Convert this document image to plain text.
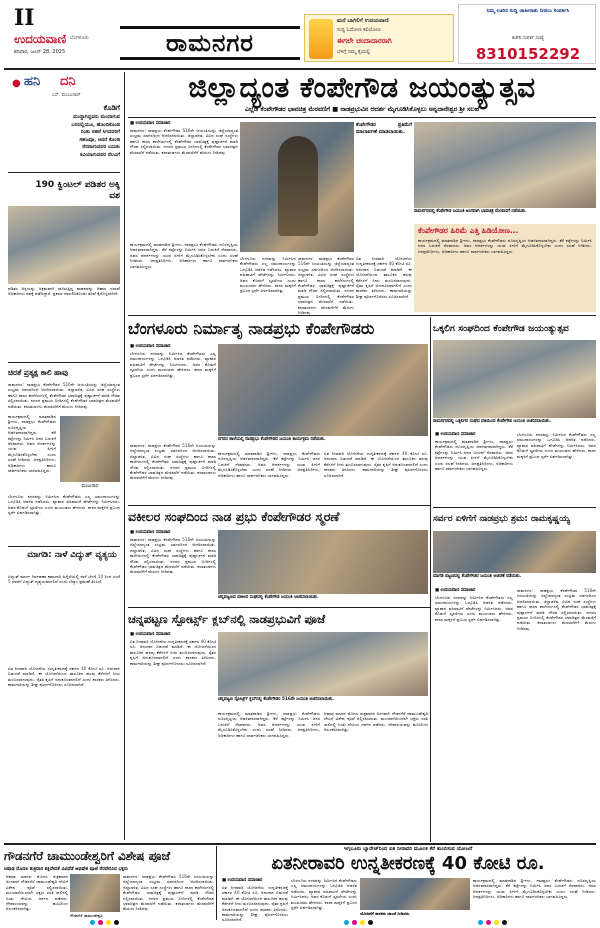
II
ಉದಯವಾಣಿ ಬೆಂಗಳೂರು
ಶನಿವಾರ, ಜೂನ್ 28, 2025	ರಾಮನಗರ
ಮನೆ ಬಾಗಿಲಿಗೆ ಉದಯವಾಣಿ
ಸುದ್ದಿ ಓದೋಣ ಕಲಿಯೋಣ
ಈಗಲೇ ಚಂದಾದಾರರಾಗಿ
ಬೆಳಿಗ್ಗೆ ನಿಮ್ಮ ಕೈಯಲ್ಲಿ
ನಿಮ್ಮ ಊರಿನ ಸುದ್ದಿ ಜಾಹೀರಾತು ನೀಡಲು ಸಂಪರ್ಕಿಸಿ
ಕಚೇರಿ ಸಂಪರ್ಕ ಸಂಖ್ಯೆ
8310152292
● ಹನಿ ದನಿ
ಎಸ್. ಮಂಜುನಾಥ್
ಕೊಡಿಗೆ
ಮುದ್ದಾಗಿದ್ದವರು ಮಂದಾಗುವ
ಬರದಲ್ಲಿಯೂ, ಹೊಂದಿಕೊಂಡ
ನಿಂತು ಸಹನೆ ಸಿಗದವರಿಗೆ
ಸಹಜವೂ, ಆದರೆ ಕೊಂಡಿ
ನೆರವಾಗುವವರ ಬದುಕು
ಕವಿಯಾಗುವವರ ನೆಲವಿಗೆ
190 ಕ್ವಿಂಟಲ್ ಪಡಿತರ ಅಕ್ಕಿ ವಶ
ಪಡಿತರ ಅಕ್ಕಿಯನ್ನು ಅಕ್ರಮವಾಗಿ ಸಾಗಿಸುತ್ತಿದ್ದ ವಾಹನವನ್ನು ಆಹಾರ ಇಲಾಖೆ ಅಧಿಕಾರಿಗಳು ವಶಕ್ಕೆ ಪಡೆದಿದ್ದಾರೆ. ಪ್ರಕರಣ ದಾಖಲಿಸಿಕೊಂಡು ತನಿಖೆ ಕೈಗೊಳ್ಳಲಾಗಿದೆ.
ಚಿರತೆ ಪ್ರತ್ಯಕ್ಷ ಕಾಲಿ ಹಾವು
ರಾಮನಗರ: ನಾಡಪ್ರಭು ಕೆಂಪೇಗೌಡರ 516ನೇ ಜಯಂತಿಯನ್ನು ಜಿಲ್ಲೆಯಾದ್ಯಂತ ಸಂಭ್ರಮ ಸಡಗರದಿಂದ ಆಚರಿಸಲಾಯಿತು. ಜಿಲ್ಲಾಡಳಿತ, ವಿವಿಧ ಸಂಘ ಸಂಸ್ಥೆಗಳು ಹಾಗೂ ಶಾಲಾ ಕಾಲೇಜುಗಳಲ್ಲಿ ಕೆಂಪೇಗೌಡರ ಭಾವಚಿತ್ರಕ್ಕೆ ಪುಷ್ಪಾರ್ಚನೆ ಮಾಡಿ ಗೌರವ ಸಲ್ಲಿಸಲಾಯಿತು. ನಗರದ ಪ್ರಮುಖ ಬೀದಿಗಳಲ್ಲಿ ಕೆಂಪೇಗೌಡರ ಭಾವಚಿತ್ರದ ಮೆರವಣಿಗೆ ನಡೆಯಿತು. ಕಲಾತಂಡಗಳು ಮೆರವಣಿಗೆಗೆ ಮೆರುಗು ನೀಡಿದವು.
ಕಾರ್ಯಕ್ರಮದಲ್ಲಿ ಮಾತನಾಡಿದ ಶ್ರೀಗಳು, ನಾಡಪ್ರಭು ಕೆಂಪೇಗೌಡರು ದೂರದೃಷ್ಟಿಯ ಆಡಳಿತಗಾರರಾಗಿದ್ದರು. ಕೆರೆ ಕಟ್ಟೆಗಳನ್ನು ನಿರ್ಮಿಸಿ ಜನರ ಬದುಕಿಗೆ ನೆರವಾದರು. ಅವರ ಆದರ್ಶಗಳನ್ನು ಯುವ ಪೀಳಿಗೆ ಮೈಗೂಡಿಸಿಕೊಳ್ಳಬೇಕು ಎಂದು ಸಲಹೆ ನೀಡಿದರು. ಜನಪ್ರತಿನಿಧಿಗಳು, ಅಧಿಕಾರಿಗಳು ಹಾಗೂ ಸಾರ್ವಜನಿಕರು ಭಾಗವಹಿಸಿದ್ದರು.
ಮಂಜುನಾಥ
ಬೆಂಗಳೂರು ನಗರವನ್ನು ನಿರ್ಮಿಸಿದ ಕೆಂಪೇಗೌಡರು ಎಲ್ಲ ಸಮುದಾಯಗಳನ್ನು ಒಗ್ಗೂಡಿಸಿ ಆಡಳಿತ ನಡೆಸಿದರು. ವ್ಯಾಪಾರ ವಹಿವಾಟಿಗೆ ಪೇಟೆಗಳನ್ನು ನಿರ್ಮಿಸಿದರು. ಅವರ ಕೊಡುಗೆ ಸ್ಮರಣೀಯ ಎಂದು ಮುಖಂಡರು ಹೇಳಿದರು. ಶಾಲಾ ಮಕ್ಕಳಿಗೆ ಪ್ರಬಂಧ ಸ್ಪರ್ಧೆ ಏರ್ಪಡಿಸಲಾಗಿತ್ತು.
ಮಾಗಡಿ: ನಾಳೆ ವಿದ್ಯುತ್ ವ್ಯತ್ಯಯ
ವಿದ್ಯುತ್ ಮಾರ್ಗ ನಿರ್ವಹಣಾ ಕಾಮಗಾರಿ ಹಿನ್ನೆಲೆಯಲ್ಲಿ ನಾಳೆ ಬೆಳಗ್ಗೆ 10 ರಿಂದ ಸಂಜೆ 5 ರವರೆಗೆ ವಿದ್ಯುತ್ ವ್ಯತ್ಯಯವಾಗಲಿದೆ ಎಂದು ಬೆಸ್ಕಾಂ ಪ್ರಕಟಣೆ ತಿಳಿಸಿದೆ.
ಏತ ನೀರಾವರಿ ಯೋಜನೆಯ ಉನ್ನತೀಕರಣಕ್ಕೆ ಸರ್ಕಾರ 40 ಕೋಟಿ ರೂ. ಅನುದಾನ ಬಿಡುಗಡೆ ಮಾಡಿದೆ. ಈ ಯೋಜನೆಯಿಂದ ತಾಲೂಕಿನ ಹಲವು ಕೆರೆಗಳಿಗೆ ನೀರು ತುಂಬಿಸಲಾಗುವುದು. ರೈತರ ಕೃಷಿಗೆ ಅನುಕೂಲವಾಗಲಿದೆ ಎಂದು ಶಾಸಕರು ತಿಳಿಸಿದರು. ಕಾಮಗಾರಿಯನ್ನು ಶೀಘ್ರ ಪೂರ್ಣಗೊಳಿಸಲು ಸೂಚಿಸಲಾಗಿದೆ.
ಜಿಲ್ಲಾದ್ಯಂತ ಕೆಂಪೇಗೌಡ ಜಯಂತ್ಯುತ್ಸವ
ಎಲ್ಲೆಡೆ ಕೆಂಪೇಗೌಡರ ಭಾವಚಿತ್ರ ಮೆರವಣಿಗೆ ■ ನಾಡಪ್ರಭುವಿನ ಆದರ್ಶ ಮೈಗೂಡಿಸಿಕೊಳ್ಳಲು ಅನ್ನದಾನೇಶ್ವರ ಶ್ರೀ ಸಲಹೆ
■ ಉದಯವಾಣಿ ಸಮಾಚಾರ
ರಾಮನಗರ: ನಾಡಪ್ರಭು ಕೆಂಪೇಗೌಡರ 516ನೇ ಜಯಂತಿಯನ್ನು ಜಿಲ್ಲೆಯಾದ್ಯಂತ ಸಂಭ್ರಮ ಸಡಗರದಿಂದ ಆಚರಿಸಲಾಯಿತು. ಜಿಲ್ಲಾಡಳಿತ, ವಿವಿಧ ಸಂಘ ಸಂಸ್ಥೆಗಳು ಹಾಗೂ ಶಾಲಾ ಕಾಲೇಜುಗಳಲ್ಲಿ ಕೆಂಪೇಗೌಡರ ಭಾವಚಿತ್ರಕ್ಕೆ ಪುಷ್ಪಾರ್ಚನೆ ಮಾಡಿ ಗೌರವ ಸಲ್ಲಿಸಲಾಯಿತು. ನಗರದ ಪ್ರಮುಖ ಬೀದಿಗಳಲ್ಲಿ ಕೆಂಪೇಗೌಡರ ಭಾವಚಿತ್ರದ ಮೆರವಣಿಗೆ ನಡೆಯಿತು. ಕಲಾತಂಡಗಳು ಮೆರವಣಿಗೆಗೆ ಮೆರುಗು ನೀಡಿದವು.
ಕೆಂಪೇಗೌಡರ ಪ್ರತಿಮೆಗೆ ಮಾಲಾರ್ಪಣೆ ಮಾಡಲಾಯಿತು.
ರಾಮನಗರದಲ್ಲಿ ಕೆಂಪೇಗೌಡ ಜಯಂತಿ ಅಂಗವಾಗಿ ಭಾವಚಿತ್ರ ಮೆರವಣಿಗೆ ನಡೆಯಿತು.
ಕೆಂಪೇಗೌಡರ ಹಿರಿಮೆ ಎತ್ತಿ ಹಿಡಿಯೋಣ...
ಕಾರ್ಯಕ್ರಮದಲ್ಲಿ ಮಾತನಾಡಿದ ಶ್ರೀಗಳು, ನಾಡಪ್ರಭು ಕೆಂಪೇಗೌಡರು ದೂರದೃಷ್ಟಿಯ ಆಡಳಿತಗಾರರಾಗಿದ್ದರು. ಕೆರೆ ಕಟ್ಟೆಗಳನ್ನು ನಿರ್ಮಿಸಿ ಜನರ ಬದುಕಿಗೆ ನೆರವಾದರು. ಅವರ ಆದರ್ಶಗಳನ್ನು ಯುವ ಪೀಳಿಗೆ ಮೈಗೂಡಿಸಿಕೊಳ್ಳಬೇಕು ಎಂದು ಸಲಹೆ ನೀಡಿದರು. ಜನಪ್ರತಿನಿಧಿಗಳು, ಅಧಿಕಾರಿಗಳು ಹಾಗೂ ಸಾರ್ವಜನಿಕರು ಭಾಗವಹಿಸಿದ್ದರು.
ಕಾರ್ಯಕ್ರಮದಲ್ಲಿ ಮಾತನಾಡಿದ ಶ್ರೀಗಳು, ನಾಡಪ್ರಭು ಕೆಂಪೇಗೌಡರು ದೂರದೃಷ್ಟಿಯ ಆಡಳಿತಗಾರರಾಗಿದ್ದರು. ಕೆರೆ ಕಟ್ಟೆಗಳನ್ನು ನಿರ್ಮಿಸಿ ಜನರ ಬದುಕಿಗೆ ನೆರವಾದರು. ಅವರ ಆದರ್ಶಗಳನ್ನು ಯುವ ಪೀಳಿಗೆ ಮೈಗೂಡಿಸಿಕೊಳ್ಳಬೇಕು ಎಂದು ಸಲಹೆ ನೀಡಿದರು. ಜನಪ್ರತಿನಿಧಿಗಳು, ಅಧಿಕಾರಿಗಳು ಹಾಗೂ ಸಾರ್ವಜನಿಕರು ಭಾಗವಹಿಸಿದ್ದರು.
ಬೆಂಗಳೂರು ನಗರವನ್ನು ನಿರ್ಮಿಸಿದ ಕೆಂಪೇಗೌಡರು ಎಲ್ಲ ಸಮುದಾಯಗಳನ್ನು ಒಗ್ಗೂಡಿಸಿ ಆಡಳಿತ ನಡೆಸಿದರು. ವ್ಯಾಪಾರ ವಹಿವಾಟಿಗೆ ಪೇಟೆಗಳನ್ನು ನಿರ್ಮಿಸಿದರು. ಅವರ ಕೊಡುಗೆ ಸ್ಮರಣೀಯ ಎಂದು ಮುಖಂಡರು ಹೇಳಿದರು. ಶಾಲಾ ಮಕ್ಕಳಿಗೆ ಪ್ರಬಂಧ ಸ್ಪರ್ಧೆ ಏರ್ಪಡಿಸಲಾಗಿತ್ತು.
ರಾಮನಗರ: ನಾಡಪ್ರಭು ಕೆಂಪೇಗೌಡರ 516ನೇ ಜಯಂತಿಯನ್ನು ಜಿಲ್ಲೆಯಾದ್ಯಂತ ಸಂಭ್ರಮ ಸಡಗರದಿಂದ ಆಚರಿಸಲಾಯಿತು. ಜಿಲ್ಲಾಡಳಿತ, ವಿವಿಧ ಸಂಘ ಸಂಸ್ಥೆಗಳು ಹಾಗೂ ಶಾಲಾ ಕಾಲೇಜುಗಳಲ್ಲಿ ಕೆಂಪೇಗೌಡರ ಭಾವಚಿತ್ರಕ್ಕೆ ಪುಷ್ಪಾರ್ಚನೆ ಮಾಡಿ ಗೌರವ ಸಲ್ಲಿಸಲಾಯಿತು. ನಗರದ ಪ್ರಮುಖ ಬೀದಿಗಳಲ್ಲಿ ಕೆಂಪೇಗೌಡರ ಭಾವಚಿತ್ರದ ಮೆರವಣಿಗೆ ನಡೆಯಿತು. ಕಲಾತಂಡಗಳು ಮೆರವಣಿಗೆಗೆ ಮೆರುಗು ನೀಡಿದವು.
ಏತ ನೀರಾವರಿ ಯೋಜನೆಯ ಉನ್ನತೀಕರಣಕ್ಕೆ ಸರ್ಕಾರ 40 ಕೋಟಿ ರೂ. ಅನುದಾನ ಬಿಡುಗಡೆ ಮಾಡಿದೆ. ಈ ಯೋಜನೆಯಿಂದ ತಾಲೂಕಿನ ಹಲವು ಕೆರೆಗಳಿಗೆ ನೀರು ತುಂಬಿಸಲಾಗುವುದು. ರೈತರ ಕೃಷಿಗೆ ಅನುಕೂಲವಾಗಲಿದೆ ಎಂದು ಶಾಸಕರು ತಿಳಿಸಿದರು. ಕಾಮಗಾರಿಯನ್ನು ಶೀಘ್ರ ಪೂರ್ಣಗೊಳಿಸಲು ಸೂಚಿಸಲಾಗಿದೆ.
ಬೆಂಗಳೂರು ನಿರ್ಮಾತೃ ನಾಡಪ್ರಭು ಕೆಂಪೇಗೌಡರು
■ ಉದಯವಾಣಿ ಸಮಾಚಾರ
ಬೆಂಗಳೂರು ನಗರವನ್ನು ನಿರ್ಮಿಸಿದ ಕೆಂಪೇಗೌಡರು ಎಲ್ಲ ಸಮುದಾಯಗಳನ್ನು ಒಗ್ಗೂಡಿಸಿ ಆಡಳಿತ ನಡೆಸಿದರು. ವ್ಯಾಪಾರ ವಹಿವಾಟಿಗೆ ಪೇಟೆಗಳನ್ನು ನಿರ್ಮಿಸಿದರು. ಅವರ ಕೊಡುಗೆ ಸ್ಮರಣೀಯ ಎಂದು ಮುಖಂಡರು ಹೇಳಿದರು. ಶಾಲಾ ಮಕ್ಕಳಿಗೆ ಪ್ರಬಂಧ ಸ್ಪರ್ಧೆ ಏರ್ಪಡಿಸಲಾಗಿತ್ತು.
ನಗರದ ಶಾಲೆಯಲ್ಲಿ ನಾಡಪ್ರಭು ಕೆಂಪೇಗೌಡರ ಜಯಂತಿ ಕಾರ್ಯಕ್ರಮ ನಡೆಯಿತು.
ರಾಮನಗರ: ನಾಡಪ್ರಭು ಕೆಂಪೇಗೌಡರ 516ನೇ ಜಯಂತಿಯನ್ನು ಜಿಲ್ಲೆಯಾದ್ಯಂತ ಸಂಭ್ರಮ ಸಡಗರದಿಂದ ಆಚರಿಸಲಾಯಿತು. ಜಿಲ್ಲಾಡಳಿತ, ವಿವಿಧ ಸಂಘ ಸಂಸ್ಥೆಗಳು ಹಾಗೂ ಶಾಲಾ ಕಾಲೇಜುಗಳಲ್ಲಿ ಕೆಂಪೇಗೌಡರ ಭಾವಚಿತ್ರಕ್ಕೆ ಪುಷ್ಪಾರ್ಚನೆ ಮಾಡಿ ಗೌರವ ಸಲ್ಲಿಸಲಾಯಿತು. ನಗರದ ಪ್ರಮುಖ ಬೀದಿಗಳಲ್ಲಿ ಕೆಂಪೇಗೌಡರ ಭಾವಚಿತ್ರದ ಮೆರವಣಿಗೆ ನಡೆಯಿತು. ಕಲಾತಂಡಗಳು ಮೆರವಣಿಗೆಗೆ ಮೆರುಗು ನೀಡಿದವು.
ಕಾರ್ಯಕ್ರಮದಲ್ಲಿ ಮಾತನಾಡಿದ ಶ್ರೀಗಳು, ನಾಡಪ್ರಭು ಕೆಂಪೇಗೌಡರು ದೂರದೃಷ್ಟಿಯ ಆಡಳಿತಗಾರರಾಗಿದ್ದರು. ಕೆರೆ ಕಟ್ಟೆಗಳನ್ನು ನಿರ್ಮಿಸಿ ಜನರ ಬದುಕಿಗೆ ನೆರವಾದರು. ಅವರ ಆದರ್ಶಗಳನ್ನು ಯುವ ಪೀಳಿಗೆ ಮೈಗೂಡಿಸಿಕೊಳ್ಳಬೇಕು ಎಂದು ಸಲಹೆ ನೀಡಿದರು. ಜನಪ್ರತಿನಿಧಿಗಳು, ಅಧಿಕಾರಿಗಳು ಹಾಗೂ ಸಾರ್ವಜನಿಕರು ಭಾಗವಹಿಸಿದ್ದರು.
ಏತ ನೀರಾವರಿ ಯೋಜನೆಯ ಉನ್ನತೀಕರಣಕ್ಕೆ ಸರ್ಕಾರ 40 ಕೋಟಿ ರೂ. ಅನುದಾನ ಬಿಡುಗಡೆ ಮಾಡಿದೆ. ಈ ಯೋಜನೆಯಿಂದ ತಾಲೂಕಿನ ಹಲವು ಕೆರೆಗಳಿಗೆ ನೀರು ತುಂಬಿಸಲಾಗುವುದು. ರೈತರ ಕೃಷಿಗೆ ಅನುಕೂಲವಾಗಲಿದೆ ಎಂದು ಶಾಸಕರು ತಿಳಿಸಿದರು. ಕಾಮಗಾರಿಯನ್ನು ಶೀಘ್ರ ಪೂರ್ಣಗೊಳಿಸಲು ಸೂಚಿಸಲಾಗಿದೆ.
ಒಕ್ಕಲಿಗ ಸಂಘದಿಂದ ಕೆಂಪೇಗೌಡ ಜಯಂತ್ಯುತ್ಸವ
ರಾಮನಗರದಲ್ಲಿ ಒಕ್ಕಲಿಗರ ಸಂಘದ ವತಿಯಿಂದ ಕೆಂಪೇಗೌಡ ಜಯಂತಿ ಆಚರಿಸಲಾಯಿತು.
■ ಉದಯವಾಣಿ ಸಮಾಚಾರ
ಕಾರ್ಯಕ್ರಮದಲ್ಲಿ ಮಾತನಾಡಿದ ಶ್ರೀಗಳು, ನಾಡಪ್ರಭು ಕೆಂಪೇಗೌಡರು ದೂರದೃಷ್ಟಿಯ ಆಡಳಿತಗಾರರಾಗಿದ್ದರು. ಕೆರೆ ಕಟ್ಟೆಗಳನ್ನು ನಿರ್ಮಿಸಿ ಜನರ ಬದುಕಿಗೆ ನೆರವಾದರು. ಅವರ ಆದರ್ಶಗಳನ್ನು ಯುವ ಪೀಳಿಗೆ ಮೈಗೂಡಿಸಿಕೊಳ್ಳಬೇಕು ಎಂದು ಸಲಹೆ ನೀಡಿದರು. ಜನಪ್ರತಿನಿಧಿಗಳು, ಅಧಿಕಾರಿಗಳು ಹಾಗೂ ಸಾರ್ವಜನಿಕರು ಭಾಗವಹಿಸಿದ್ದರು.
ಬೆಂಗಳೂರು ನಗರವನ್ನು ನಿರ್ಮಿಸಿದ ಕೆಂಪೇಗೌಡರು ಎಲ್ಲ ಸಮುದಾಯಗಳನ್ನು ಒಗ್ಗೂಡಿಸಿ ಆಡಳಿತ ನಡೆಸಿದರು. ವ್ಯಾಪಾರ ವಹಿವಾಟಿಗೆ ಪೇಟೆಗಳನ್ನು ನಿರ್ಮಿಸಿದರು. ಅವರ ಕೊಡುಗೆ ಸ್ಮರಣೀಯ ಎಂದು ಮುಖಂಡರು ಹೇಳಿದರು. ಶಾಲಾ ಮಕ್ಕಳಿಗೆ ಪ್ರಬಂಧ ಸ್ಪರ್ಧೆ ಏರ್ಪಡಿಸಲಾಗಿತ್ತು.
ವಕೀಲರ ಸಂಘದಿಂದ ನಾಡ ಪ್ರಭು ಕೆಂಪೇಗೌಡರ ಸ್ಮರಣೆ
■ ಉದಯವಾಣಿ ಸಮಾಚಾರ
ರಾಮನಗರ: ನಾಡಪ್ರಭು ಕೆಂಪೇಗೌಡರ 516ನೇ ಜಯಂತಿಯನ್ನು ಜಿಲ್ಲೆಯಾದ್ಯಂತ ಸಂಭ್ರಮ ಸಡಗರದಿಂದ ಆಚರಿಸಲಾಯಿತು. ಜಿಲ್ಲಾಡಳಿತ, ವಿವಿಧ ಸಂಘ ಸಂಸ್ಥೆಗಳು ಹಾಗೂ ಶಾಲಾ ಕಾಲೇಜುಗಳಲ್ಲಿ ಕೆಂಪೇಗೌಡರ ಭಾವಚಿತ್ರಕ್ಕೆ ಪುಷ್ಪಾರ್ಚನೆ ಮಾಡಿ ಗೌರವ ಸಲ್ಲಿಸಲಾಯಿತು. ನಗರದ ಪ್ರಮುಖ ಬೀದಿಗಳಲ್ಲಿ ಕೆಂಪೇಗೌಡರ ಭಾವಚಿತ್ರದ ಮೆರವಣಿಗೆ ನಡೆಯಿತು. ಕಲಾತಂಡಗಳು ಮೆರವಣಿಗೆಗೆ ಮೆರುಗು ನೀಡಿದವು.
ಚನ್ನಪಟ್ಟಣದ ವಕೀಲರ ಸಂಘದಲ್ಲಿ ಕೆಂಪೇಗೌಡ ಜಯಂತಿ ಆಚರಿಸಲಾಯಿತು.
ಸರ್ವರ ಏಳಿಗೆಗೆ ನಾಡಪ್ರಭು ಶ್ರಮ: ರಾಮಕೃಷ್ಣಯ್ಯ
ಮಾಗಡಿ ಪಟ್ಟಣದಲ್ಲಿ ಕೆಂಪೇಗೌಡರ ಜಯಂತಿ ಆಚರಣೆ ನಡೆಯಿತು.
■ ಉದಯವಾಣಿ ಸಮಾಚಾರ
ಬೆಂಗಳೂರು ನಗರವನ್ನು ನಿರ್ಮಿಸಿದ ಕೆಂಪೇಗೌಡರು ಎಲ್ಲ ಸಮುದಾಯಗಳನ್ನು ಒಗ್ಗೂಡಿಸಿ ಆಡಳಿತ ನಡೆಸಿದರು. ವ್ಯಾಪಾರ ವಹಿವಾಟಿಗೆ ಪೇಟೆಗಳನ್ನು ನಿರ್ಮಿಸಿದರು. ಅವರ ಕೊಡುಗೆ ಸ್ಮರಣೀಯ ಎಂದು ಮುಖಂಡರು ಹೇಳಿದರು. ಶಾಲಾ ಮಕ್ಕಳಿಗೆ ಪ್ರಬಂಧ ಸ್ಪರ್ಧೆ ಏರ್ಪಡಿಸಲಾಗಿತ್ತು.
ರಾಮನಗರ: ನಾಡಪ್ರಭು ಕೆಂಪೇಗೌಡರ 516ನೇ ಜಯಂತಿಯನ್ನು ಜಿಲ್ಲೆಯಾದ್ಯಂತ ಸಂಭ್ರಮ ಸಡಗರದಿಂದ ಆಚರಿಸಲಾಯಿತು. ಜಿಲ್ಲಾಡಳಿತ, ವಿವಿಧ ಸಂಘ ಸಂಸ್ಥೆಗಳು ಹಾಗೂ ಶಾಲಾ ಕಾಲೇಜುಗಳಲ್ಲಿ ಕೆಂಪೇಗೌಡರ ಭಾವಚಿತ್ರಕ್ಕೆ ಪುಷ್ಪಾರ್ಚನೆ ಮಾಡಿ ಗೌರವ ಸಲ್ಲಿಸಲಾಯಿತು. ನಗರದ ಪ್ರಮುಖ ಬೀದಿಗಳಲ್ಲಿ ಕೆಂಪೇಗೌಡರ ಭಾವಚಿತ್ರದ ಮೆರವಣಿಗೆ ನಡೆಯಿತು. ಕಲಾತಂಡಗಳು ಮೆರವಣಿಗೆಗೆ ಮೆರುಗು ನೀಡಿದವು.
ಚನ್ನಪಟ್ಟಣ ಸ್ಪೋರ್ಟ್ಸ್ ಕ್ಲಬ್‌ನಲ್ಲಿ ನಾಡಪ್ರಭುವಿಗೆ ಪೂಜೆ
■ ಉದಯವಾಣಿ ಸಮಾಚಾರ
ಏತ ನೀರಾವರಿ ಯೋಜನೆಯ ಉನ್ನತೀಕರಣಕ್ಕೆ ಸರ್ಕಾರ 40 ಕೋಟಿ ರೂ. ಅನುದಾನ ಬಿಡುಗಡೆ ಮಾಡಿದೆ. ಈ ಯೋಜನೆಯಿಂದ ತಾಲೂಕಿನ ಹಲವು ಕೆರೆಗಳಿಗೆ ನೀರು ತುಂಬಿಸಲಾಗುವುದು. ರೈತರ ಕೃಷಿಗೆ ಅನುಕೂಲವಾಗಲಿದೆ ಎಂದು ಶಾಸಕರು ತಿಳಿಸಿದರು. ಕಾಮಗಾರಿಯನ್ನು ಶೀಘ್ರ ಪೂರ್ಣಗೊಳಿಸಲು ಸೂಚಿಸಲಾಗಿದೆ.
ಚನ್ನಪಟ್ಟಣ ಸ್ಪೋರ್ಟ್ಸ್ ಕ್ಲಬ್‌ನಲ್ಲಿ ಕೆಂಪೇಗೌಡರ 516ನೇ ಜಯಂತಿ ಆಚರಿಸಲಾಯಿತು.
ಕಾರ್ಯಕ್ರಮದಲ್ಲಿ ಮಾತನಾಡಿದ ಶ್ರೀಗಳು, ನಾಡಪ್ರಭು ಕೆಂಪೇಗೌಡರು ದೂರದೃಷ್ಟಿಯ ಆಡಳಿತಗಾರರಾಗಿದ್ದರು. ಕೆರೆ ಕಟ್ಟೆಗಳನ್ನು ನಿರ್ಮಿಸಿ ಜನರ ಬದುಕಿಗೆ ನೆರವಾದರು. ಅವರ ಆದರ್ಶಗಳನ್ನು ಯುವ ಪೀಳಿಗೆ ಮೈಗೂಡಿಸಿಕೊಳ್ಳಬೇಕು ಎಂದು ಸಲಹೆ ನೀಡಿದರು. ಜನಪ್ರತಿನಿಧಿಗಳು, ಅಧಿಕಾರಿಗಳು ಹಾಗೂ ಸಾರ್ವಜನಿಕರು ಭಾಗವಹಿಸಿದ್ದರು.
ಆಷಾಢ ಮಾಸದ ಮೊದಲ ಶುಕ್ರವಾರದ ಅಂಗವಾಗಿ ಗೌಡನಗೆರೆ ಚಾಮುಂಡೇಶ್ವರಿ ದೇವಿಗೆ ವಿಶೇಷ ಪೂಜೆ ಸಲ್ಲಿಸಲಾಯಿತು. ಮುಂಜಾನೆಯಿಂದಲೇ ಭಕ್ತರು ಸರತಿ ಸಾಲಿನಲ್ಲಿ ನಿಂತು ದೇವಿಯ ದರ್ಶನ ಪಡೆದರು. ದೇವಾಲಯವನ್ನು ಹೂವಿನಿಂದ ಅಲಂಕರಿಸಲಾಗಿತ್ತು.
ಗೌಡನಗೆರೆ ಚಾಮುಂಡೇಶ್ವರಿಗೆ ವಿಶೇಷ ಪೂಜೆ
ಆಷಾಢ ಮೊದಲ ಶುಕ್ರವಾರ ಶಕ್ತಿದೇವತೆ ವಿವಿಧೆಡೆ ಅಭಿಷೇಕ ಪೂಜೆ ನೆರವೇರಿಸಿದ ಭಕ್ತರು
ಆಷಾಢ ಮಾಸದ ಮೊದಲ ಶುಕ್ರವಾರದ ಅಂಗವಾಗಿ ಗೌಡನಗೆರೆ ಚಾಮುಂಡೇಶ್ವರಿ ದೇವಿಗೆ ವಿಶೇಷ ಪೂಜೆ ಸಲ್ಲಿಸಲಾಯಿತು. ಮುಂಜಾನೆಯಿಂದಲೇ ಭಕ್ತರು ಸರತಿ ಸಾಲಿನಲ್ಲಿ ನಿಂತು ದೇವಿಯ ದರ್ಶನ ಪಡೆದರು. ದೇವಾಲಯವನ್ನು ಹೂವಿನಿಂದ ಅಲಂಕರಿಸಲಾಗಿತ್ತು.
ಗೌಡನಗೆರೆ ಚಾಮುಂಡೇಶ್ವರಿ
ರಾಮನಗರ: ನಾಡಪ್ರಭು ಕೆಂಪೇಗೌಡರ 516ನೇ ಜಯಂತಿಯನ್ನು ಜಿಲ್ಲೆಯಾದ್ಯಂತ ಸಂಭ್ರಮ ಸಡಗರದಿಂದ ಆಚರಿಸಲಾಯಿತು. ಜಿಲ್ಲಾಡಳಿತ, ವಿವಿಧ ಸಂಘ ಸಂಸ್ಥೆಗಳು ಹಾಗೂ ಶಾಲಾ ಕಾಲೇಜುಗಳಲ್ಲಿ ಕೆಂಪೇಗೌಡರ ಭಾವಚಿತ್ರಕ್ಕೆ ಪುಷ್ಪಾರ್ಚನೆ ಮಾಡಿ ಗೌರವ ಸಲ್ಲಿಸಲಾಯಿತು. ನಗರದ ಪ್ರಮುಖ ಬೀದಿಗಳಲ್ಲಿ ಕೆಂಪೇಗೌಡರ ಭಾವಚಿತ್ರದ ಮೆರವಣಿಗೆ ನಡೆಯಿತು. ಕಲಾತಂಡಗಳು ಮೆರವಣಿಗೆಗೆ ಮೆರುಗು ನೀಡಿದವು.
ಇಗ್ಗಲೂರು ಬ್ಯಾರೇಜ್‌ನಿಂದ ಏತ ನೀರಾವರಿ ಮೂಲಕ ಕೆರೆ ತುಂಬಿಸುವ ಯೋಜನೆ
ಏತನೀರಾವರಿ ಉನ್ನತೀಕರಣಕ್ಕೆ 40 ಕೋಟಿ ರೂ.
■ ಉದಯವಾಣಿ ಸಮಾಚಾರ
ಏತ ನೀರಾವರಿ ಯೋಜನೆಯ ಉನ್ನತೀಕರಣಕ್ಕೆ ಸರ್ಕಾರ 40 ಕೋಟಿ ರೂ. ಅನುದಾನ ಬಿಡುಗಡೆ ಮಾಡಿದೆ. ಈ ಯೋಜನೆಯಿಂದ ತಾಲೂಕಿನ ಹಲವು ಕೆರೆಗಳಿಗೆ ನೀರು ತುಂಬಿಸಲಾಗುವುದು. ರೈತರ ಕೃಷಿಗೆ ಅನುಕೂಲವಾಗಲಿದೆ ಎಂದು ಶಾಸಕರು ತಿಳಿಸಿದರು. ಕಾಮಗಾರಿಯನ್ನು ಶೀಘ್ರ ಪೂರ್ಣಗೊಳಿಸಲು ಸೂಚಿಸಲಾಗಿದೆ.
ಬೆಂಗಳೂರು ನಗರವನ್ನು ನಿರ್ಮಿಸಿದ ಕೆಂಪೇಗೌಡರು ಎಲ್ಲ ಸಮುದಾಯಗಳನ್ನು ಒಗ್ಗೂಡಿಸಿ ಆಡಳಿತ ನಡೆಸಿದರು. ವ್ಯಾಪಾರ ವಹಿವಾಟಿಗೆ ಪೇಟೆಗಳನ್ನು ನಿರ್ಮಿಸಿದರು. ಅವರ ಕೊಡುಗೆ ಸ್ಮರಣೀಯ ಎಂದು ಮುಖಂಡರು ಹೇಳಿದರು. ಶಾಲಾ ಮಕ್ಕಳಿಗೆ ಪ್ರಬಂಧ ಸ್ಪರ್ಧೆ ಏರ್ಪಡಿಸಲಾಗಿತ್ತು.
ಯೋಜನೆಗೆ ಶಾಸಕರು ಚಾಲನೆ ನೀಡಿದರು.
ಕಾರ್ಯಕ್ರಮದಲ್ಲಿ ಮಾತನಾಡಿದ ಶ್ರೀಗಳು, ನಾಡಪ್ರಭು ಕೆಂಪೇಗೌಡರು ದೂರದೃಷ್ಟಿಯ ಆಡಳಿತಗಾರರಾಗಿದ್ದರು. ಕೆರೆ ಕಟ್ಟೆಗಳನ್ನು ನಿರ್ಮಿಸಿ ಜನರ ಬದುಕಿಗೆ ನೆರವಾದರು. ಅವರ ಆದರ್ಶಗಳನ್ನು ಯುವ ಪೀಳಿಗೆ ಮೈಗೂಡಿಸಿಕೊಳ್ಳಬೇಕು ಎಂದು ಸಲಹೆ ನೀಡಿದರು. ಜನಪ್ರತಿನಿಧಿಗಳು, ಅಧಿಕಾರಿಗಳು ಹಾಗೂ ಸಾರ್ವಜನಿಕರು ಭಾಗವಹಿಸಿದ್ದರು.
